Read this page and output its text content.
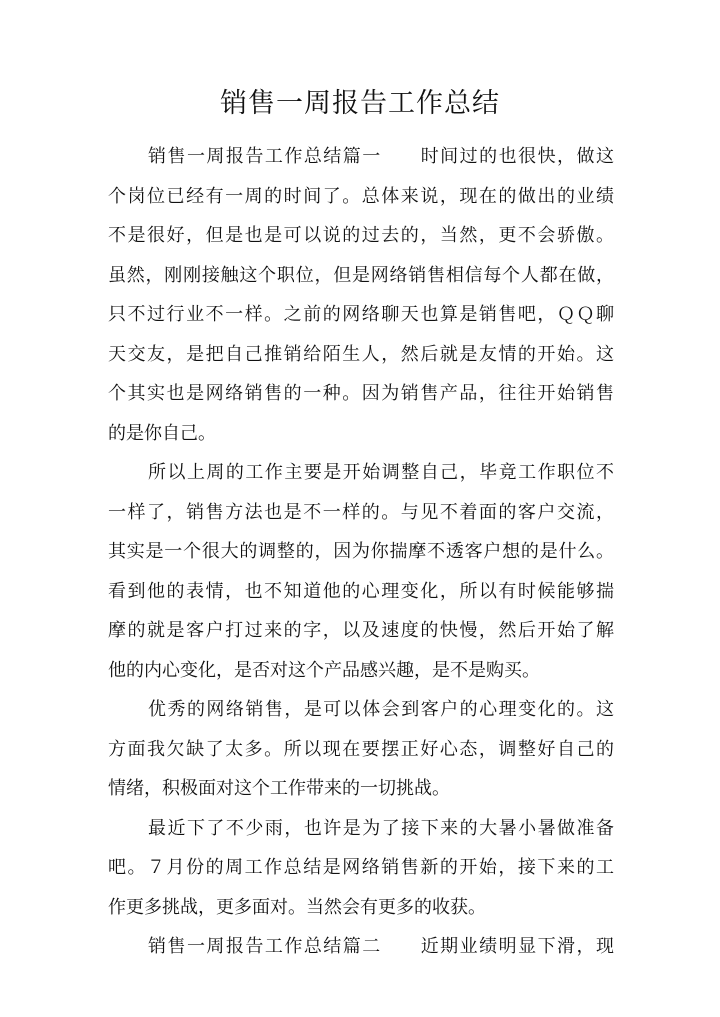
销售一周报告工作总结
销售一周报告工作总结篇一　　时间过的也很快，做这
个岗位已经有一周的时间了。总体来说，现在的做出的业绩
不是很好，但是也是可以说的过去的，当然，更不会骄傲。
虽然，刚刚接触这个职位，但是网络销售相信每个人都在做，
只不过行业不一样。之前的网络聊天也算是销售吧，ＱＱ聊
天交友，是把自己推销给陌生人，然后就是友情的开始。这
个其实也是网络销售的一种。因为销售产品，往往开始销售
的是你自己。
所以上周的工作主要是开始调整自己，毕竟工作职位不
一样了，销售方法也是不一样的。与见不着面的客户交流，
其实是一个很大的调整的，因为你揣摩不透客户想的是什么。
看到他的表情，也不知道他的心理变化，所以有时候能够揣
摩的就是客户打过来的字，以及速度的快慢，然后开始了解
他的内心变化，是否对这个产品感兴趣，是不是购买。
优秀的网络销售，是可以体会到客户的心理变化的。这
方面我欠缺了太多。所以现在要摆正好心态，调整好自己的
情绪，积极面对这个工作带来的一切挑战。
最近下了不少雨，也许是为了接下来的大暑小暑做准备
吧。７月份的周工作总结是网络销售新的开始，接下来的工
作更多挑战，更多面对。当然会有更多的收获。
销售一周报告工作总结篇二　　近期业绩明显下滑，现
